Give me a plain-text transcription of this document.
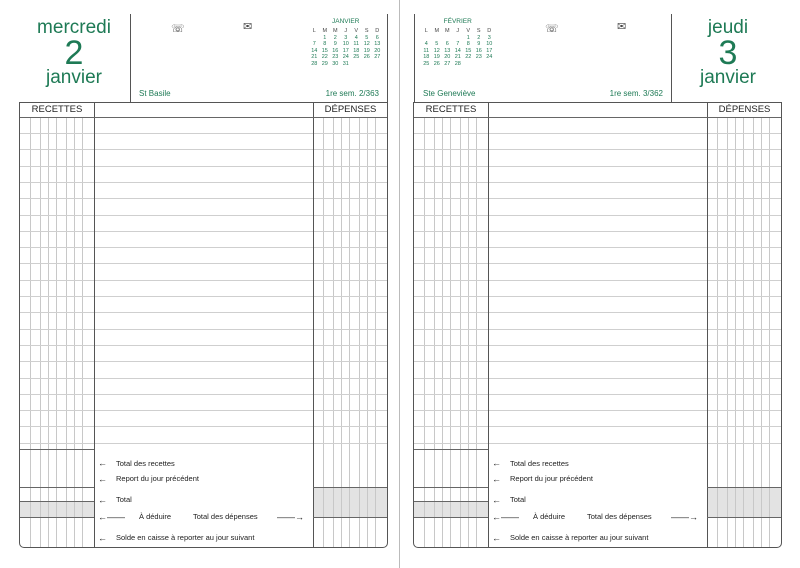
mercredi
2
janvier
☏	✉	JANVIER
L	M	M	J	V	S	D
	1	2	3	4	5	6
7	8	9	10	11	12	13
14	15	16	17	18	19	20
21	22	23	24	25	26	27
28	29	30	31			
St Basile	1re sem. 2/363
RECETTES	DÉPENSES
← Total des recettes
← Report du jour précédent
← Total
←—— À déduire	Total des dépenses ——→
← Solde en caisse à reporter au jour suivant
FÉVRIER
L	M	M	J	V	S	D
				1	2	3
4	5	6	7	8	9	10
11	12	13	14	15	16	17
18	19	20	21	22	23	24
25	26	27	28			
☏	✉
Ste Geneviève	1re sem. 3/362
jeudi
3
janvier
RECETTES	DÉPENSES
← Total des recettes
← Report du jour précédent
← Total
←—— À déduire	Total des dépenses ——→
← Solde en caisse à reporter au jour suivant
